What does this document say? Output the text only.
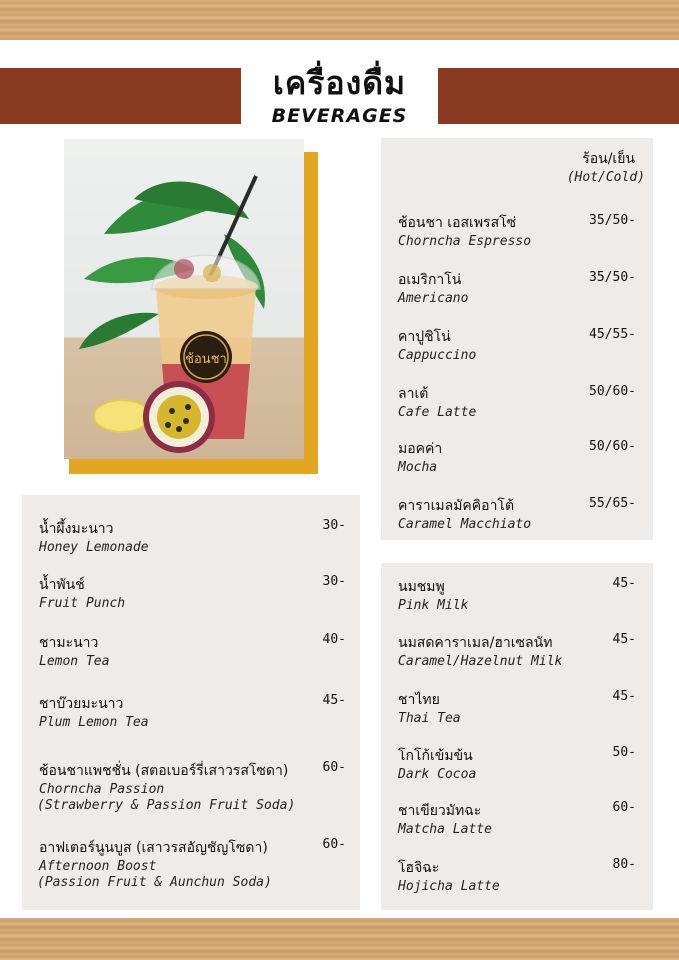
เครื่องดื่ม
BEVERAGES
ช้อนชา
ร้อน/เย็น
(Hot/Cold)
ช้อนชา เอสเพรสโซ่
Chorncha Espresso
35/50-
อเมริกาโน่
Americano
35/50-
คาปูชิโน่
Cappuccino
45/55-
ลาเต้
Cafe Latte
50/60-
มอคค่า
Mocha
50/60-
คาราเมลมัคคิอาโต้
Caramel Macchiato
55/65-
น้ำผึ้งมะนาว
Honey Lemonade
30-
น้ำพันช์
Fruit Punch
30-
ชามะนาว
Lemon Tea
40-
ชาบ๊วยมะนาว
Plum Lemon Tea
45-
ช้อนชาแพชชั่น (สตอเบอร์รี่เสาวรสโซดา)
Chorncha Passion
(Strawberry & Passion Fruit Soda)
60-
อาฟเตอร์นูนบูส (เสาวรสอัญชัญโซดา)
Afternoon Boost
(Passion Fruit & Aunchun Soda)
60-
นมชมพู
Pink Milk
45-
นมสดคาราเมล/ฮาเซลนัท
Caramel/Hazelnut Milk
45-
ชาไทย
Thai Tea
45-
โกโก้เข้มข้น
Dark Cocoa
50-
ชาเขียวมัทฉะ
Matcha Latte
60-
โฮจิฉะ
Hojicha Latte
80-
